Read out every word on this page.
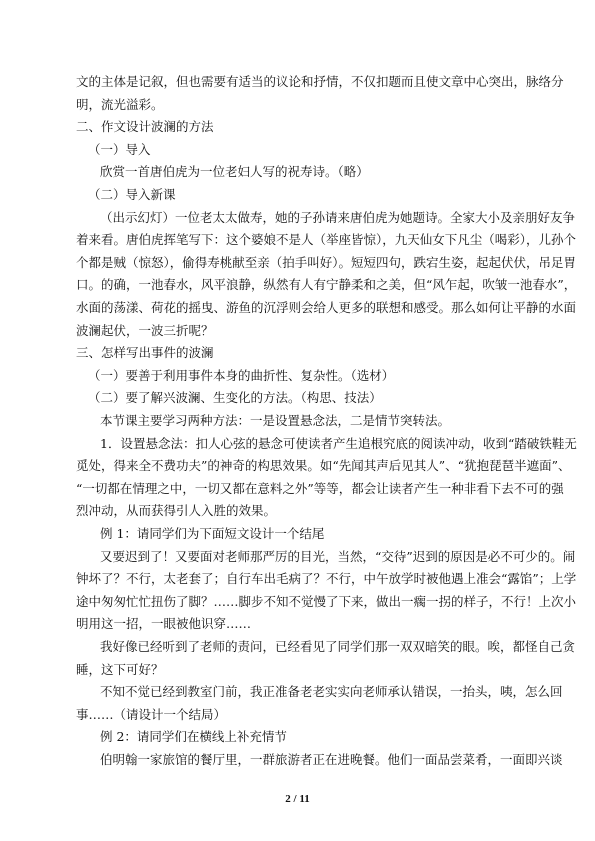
文的主体是记叙，但也需要有适当的议论和抒情，不仅扣题而且使文章中心突出，脉络分

明，流光溢彩。

二、作文设计波澜的方法

（一）导入

欣赏一首唐伯虎为一位老妇人写的祝寿诗。（略）

（二）导入新课

（出示幻灯）一位老太太做寿，她的子孙请来唐伯虎为她题诗。全家大小及亲朋好友争

着来看。唐伯虎挥笔写下：这个婆娘不是人（举座皆惊），九天仙女下凡尘（喝彩），儿孙个

个都是贼（惊怒），偷得寿桃献至亲（拍手叫好）。短短四句，跌宕生姿，起起伏伏，吊足胃

口。的确，一池春水，风平浪静，纵然有人有宁静柔和之美，但“风乍起，吹皱一池春水”，

水面的荡漾、荷花的摇曳、游鱼的沉浮则会给人更多的联想和感受。那么如何让平静的水面

波澜起伏，一波三折呢？

三、怎样写出事件的波澜

（一）要善于利用事件本身的曲折性、复杂性。（选材）

（二）要了解兴波澜、生变化的方法。（构思、技法）

本节课主要学习两种方法：一是设置悬念法，二是情节突转法。

1．设置悬念法：扣人心弦的悬念可使读者产生追根究底的阅读冲动，收到“踏破铁鞋无

觅处，得来全不费功夫”的神奇的构思效果。如“先闻其声后见其人”、“犹抱琵琶半遮面”、

“一切都在情理之中，一切又都在意料之外”等等，都会让读者产生一种非看下去不可的强

烈冲动，从而获得引人入胜的效果。

例 1：请同学们为下面短文设计一个结尾

又要迟到了！又要面对老师那严厉的目光，当然，“交待”迟到的原因是必不可少的。闹

钟坏了？不行，太老套了；自行车出毛病了？不行，中午放学时被他遇上准会“露馅”；上学

途中匆匆忙忙扭伤了脚？……脚步不知不觉慢了下来，做出一瘸一拐的样子，不行！上次小

明用这一招，一眼被他识穿……

我好像已经听到了老师的责问，已经看见了同学们那一双双暗笑的眼。唉，都怪自己贪

睡，这下可好？

不知不觉已经到教室门前，我正准备老老实实向老师承认错误，一抬头，咦，怎么回

事……（请设计一个结局）

例 2：请同学们在横线上补充情节

伯明翰一家旅馆的餐厅里，一群旅游者正在进晚餐。他们一面品尝菜肴，一面即兴谈

2 / 11
